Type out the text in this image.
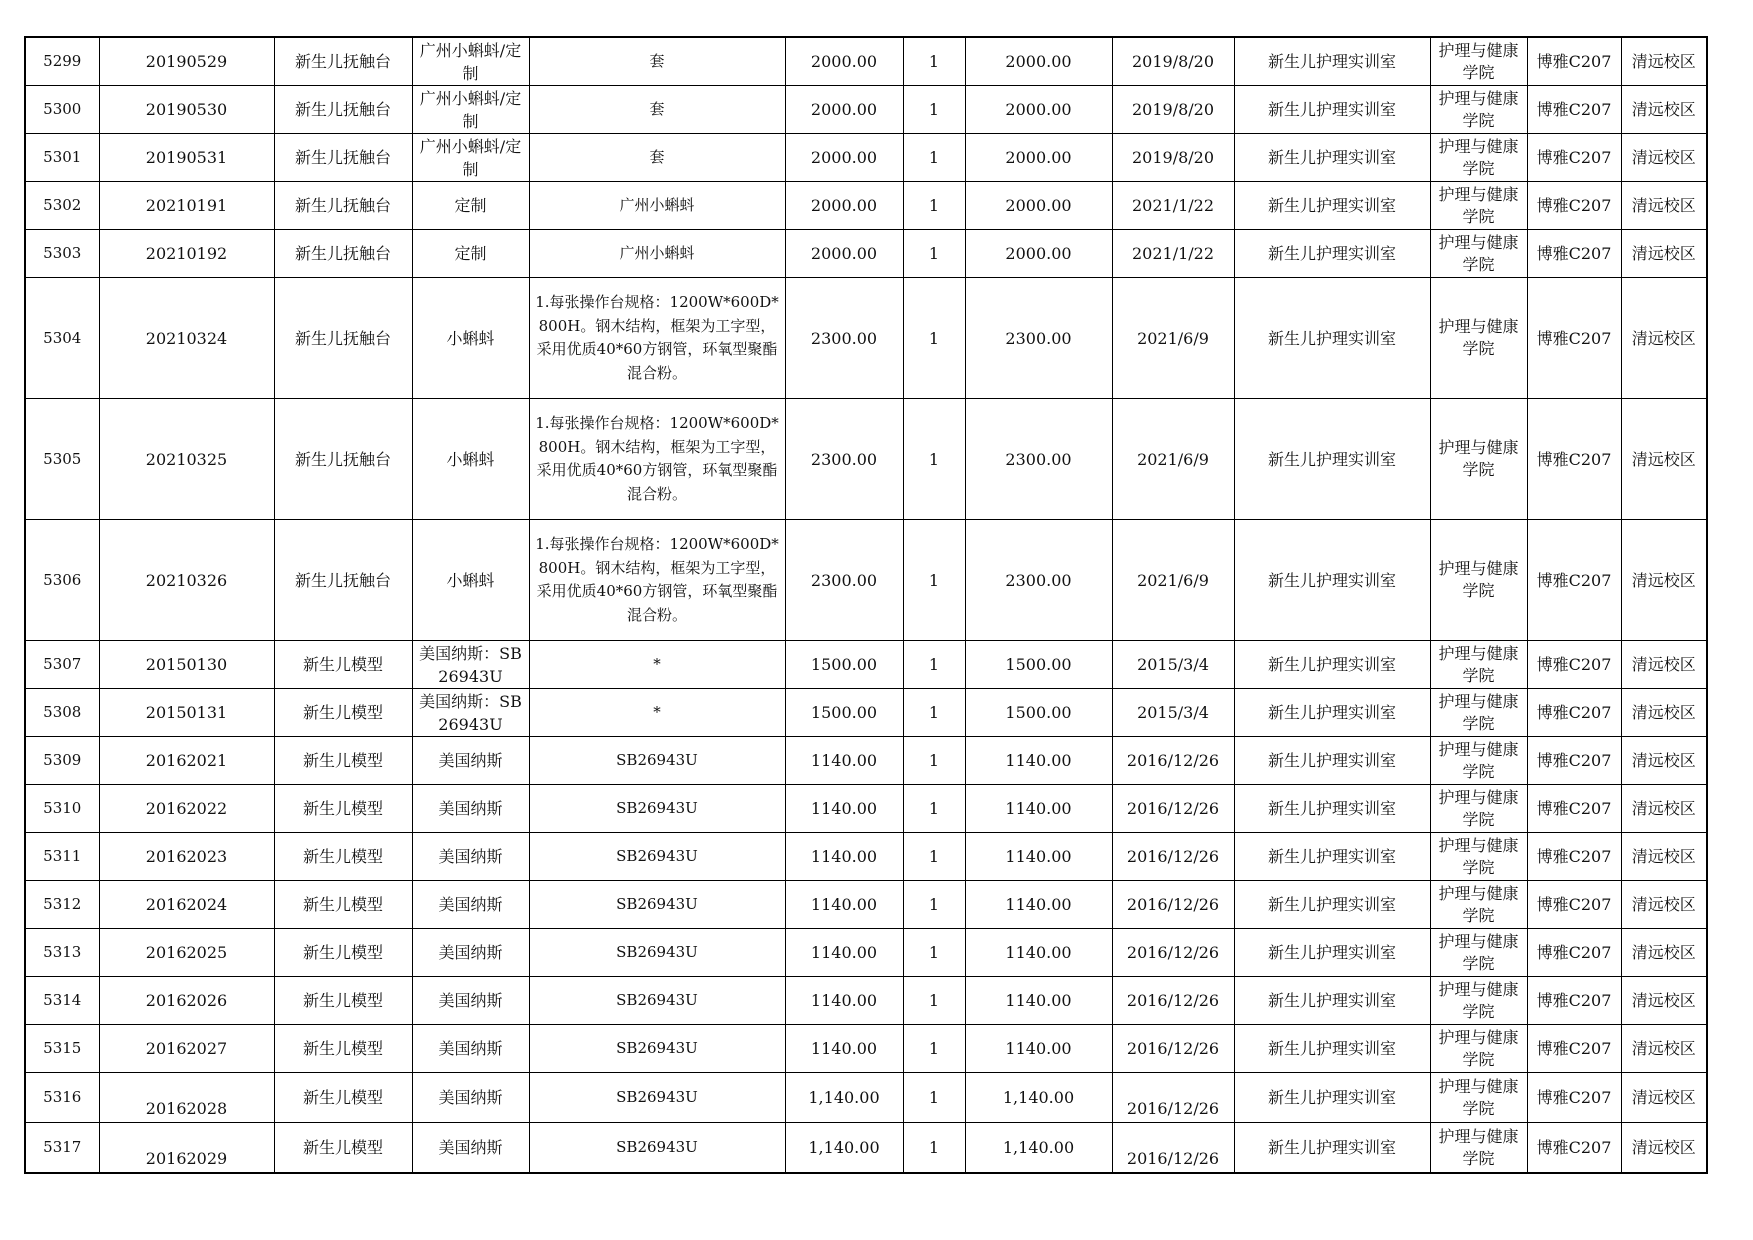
5299	20190529	新生儿抚触台	广州小蝌蚪/定制	套	2000.00	1	2000.00	2019/8/20	新生儿护理实训室	护理与健康学院	博雅C207	清远校区
5300	20190530	新生儿抚触台	广州小蝌蚪/定制	套	2000.00	1	2000.00	2019/8/20	新生儿护理实训室	护理与健康学院	博雅C207	清远校区
5301	20190531	新生儿抚触台	广州小蝌蚪/定制	套	2000.00	1	2000.00	2019/8/20	新生儿护理实训室	护理与健康学院	博雅C207	清远校区
5302	20210191	新生儿抚触台	定制	广州小蝌蚪	2000.00	1	2000.00	2021/1/22	新生儿护理实训室	护理与健康学院	博雅C207	清远校区
5303	20210192	新生儿抚触台	定制	广州小蝌蚪	2000.00	1	2000.00	2021/1/22	新生儿护理实训室	护理与健康学院	博雅C207	清远校区
5304	20210324	新生儿抚触台	小蝌蚪	1.每张操作台规格：1200W*600D*800H。钢木结构，框架为工字型，采用优质40*60方钢管，环氧型聚酯混合粉。	2300.00	1	2300.00	2021/6/9	新生儿护理实训室	护理与健康学院	博雅C207	清远校区
5305	20210325	新生儿抚触台	小蝌蚪	1.每张操作台规格：1200W*600D*800H。钢木结构，框架为工字型，采用优质40*60方钢管，环氧型聚酯混合粉。	2300.00	1	2300.00	2021/6/9	新生儿护理实训室	护理与健康学院	博雅C207	清远校区
5306	20210326	新生儿抚触台	小蝌蚪	1.每张操作台规格：1200W*600D*800H。钢木结构，框架为工字型，采用优质40*60方钢管，环氧型聚酯混合粉。	2300.00	1	2300.00	2021/6/9	新生儿护理实训室	护理与健康学院	博雅C207	清远校区
5307	20150130	新生儿模型	美国纳斯：SB26943U	*	1500.00	1	1500.00	2015/3/4	新生儿护理实训室	护理与健康学院	博雅C207	清远校区
5308	20150131	新生儿模型	美国纳斯：SB26943U	*	1500.00	1	1500.00	2015/3/4	新生儿护理实训室	护理与健康学院	博雅C207	清远校区
5309	20162021	新生儿模型	美国纳斯	SB26943U	1140.00	1	1140.00	2016/12/26	新生儿护理实训室	护理与健康学院	博雅C207	清远校区
5310	20162022	新生儿模型	美国纳斯	SB26943U	1140.00	1	1140.00	2016/12/26	新生儿护理实训室	护理与健康学院	博雅C207	清远校区
5311	20162023	新生儿模型	美国纳斯	SB26943U	1140.00	1	1140.00	2016/12/26	新生儿护理实训室	护理与健康学院	博雅C207	清远校区
5312	20162024	新生儿模型	美国纳斯	SB26943U	1140.00	1	1140.00	2016/12/26	新生儿护理实训室	护理与健康学院	博雅C207	清远校区
5313	20162025	新生儿模型	美国纳斯	SB26943U	1140.00	1	1140.00	2016/12/26	新生儿护理实训室	护理与健康学院	博雅C207	清远校区
5314	20162026	新生儿模型	美国纳斯	SB26943U	1140.00	1	1140.00	2016/12/26	新生儿护理实训室	护理与健康学院	博雅C207	清远校区
5315	20162027	新生儿模型	美国纳斯	SB26943U	1140.00	1	1140.00	2016/12/26	新生儿护理实训室	护理与健康学院	博雅C207	清远校区
5316	20162028	新生儿模型	美国纳斯	SB26943U	1,140.00	1	1,140.00	2016/12/26	新生儿护理实训室	护理与健康学院	博雅C207	清远校区
5317	20162029	新生儿模型	美国纳斯	SB26943U	1,140.00	1	1,140.00	2016/12/26	新生儿护理实训室	护理与健康学院	博雅C207	清远校区
